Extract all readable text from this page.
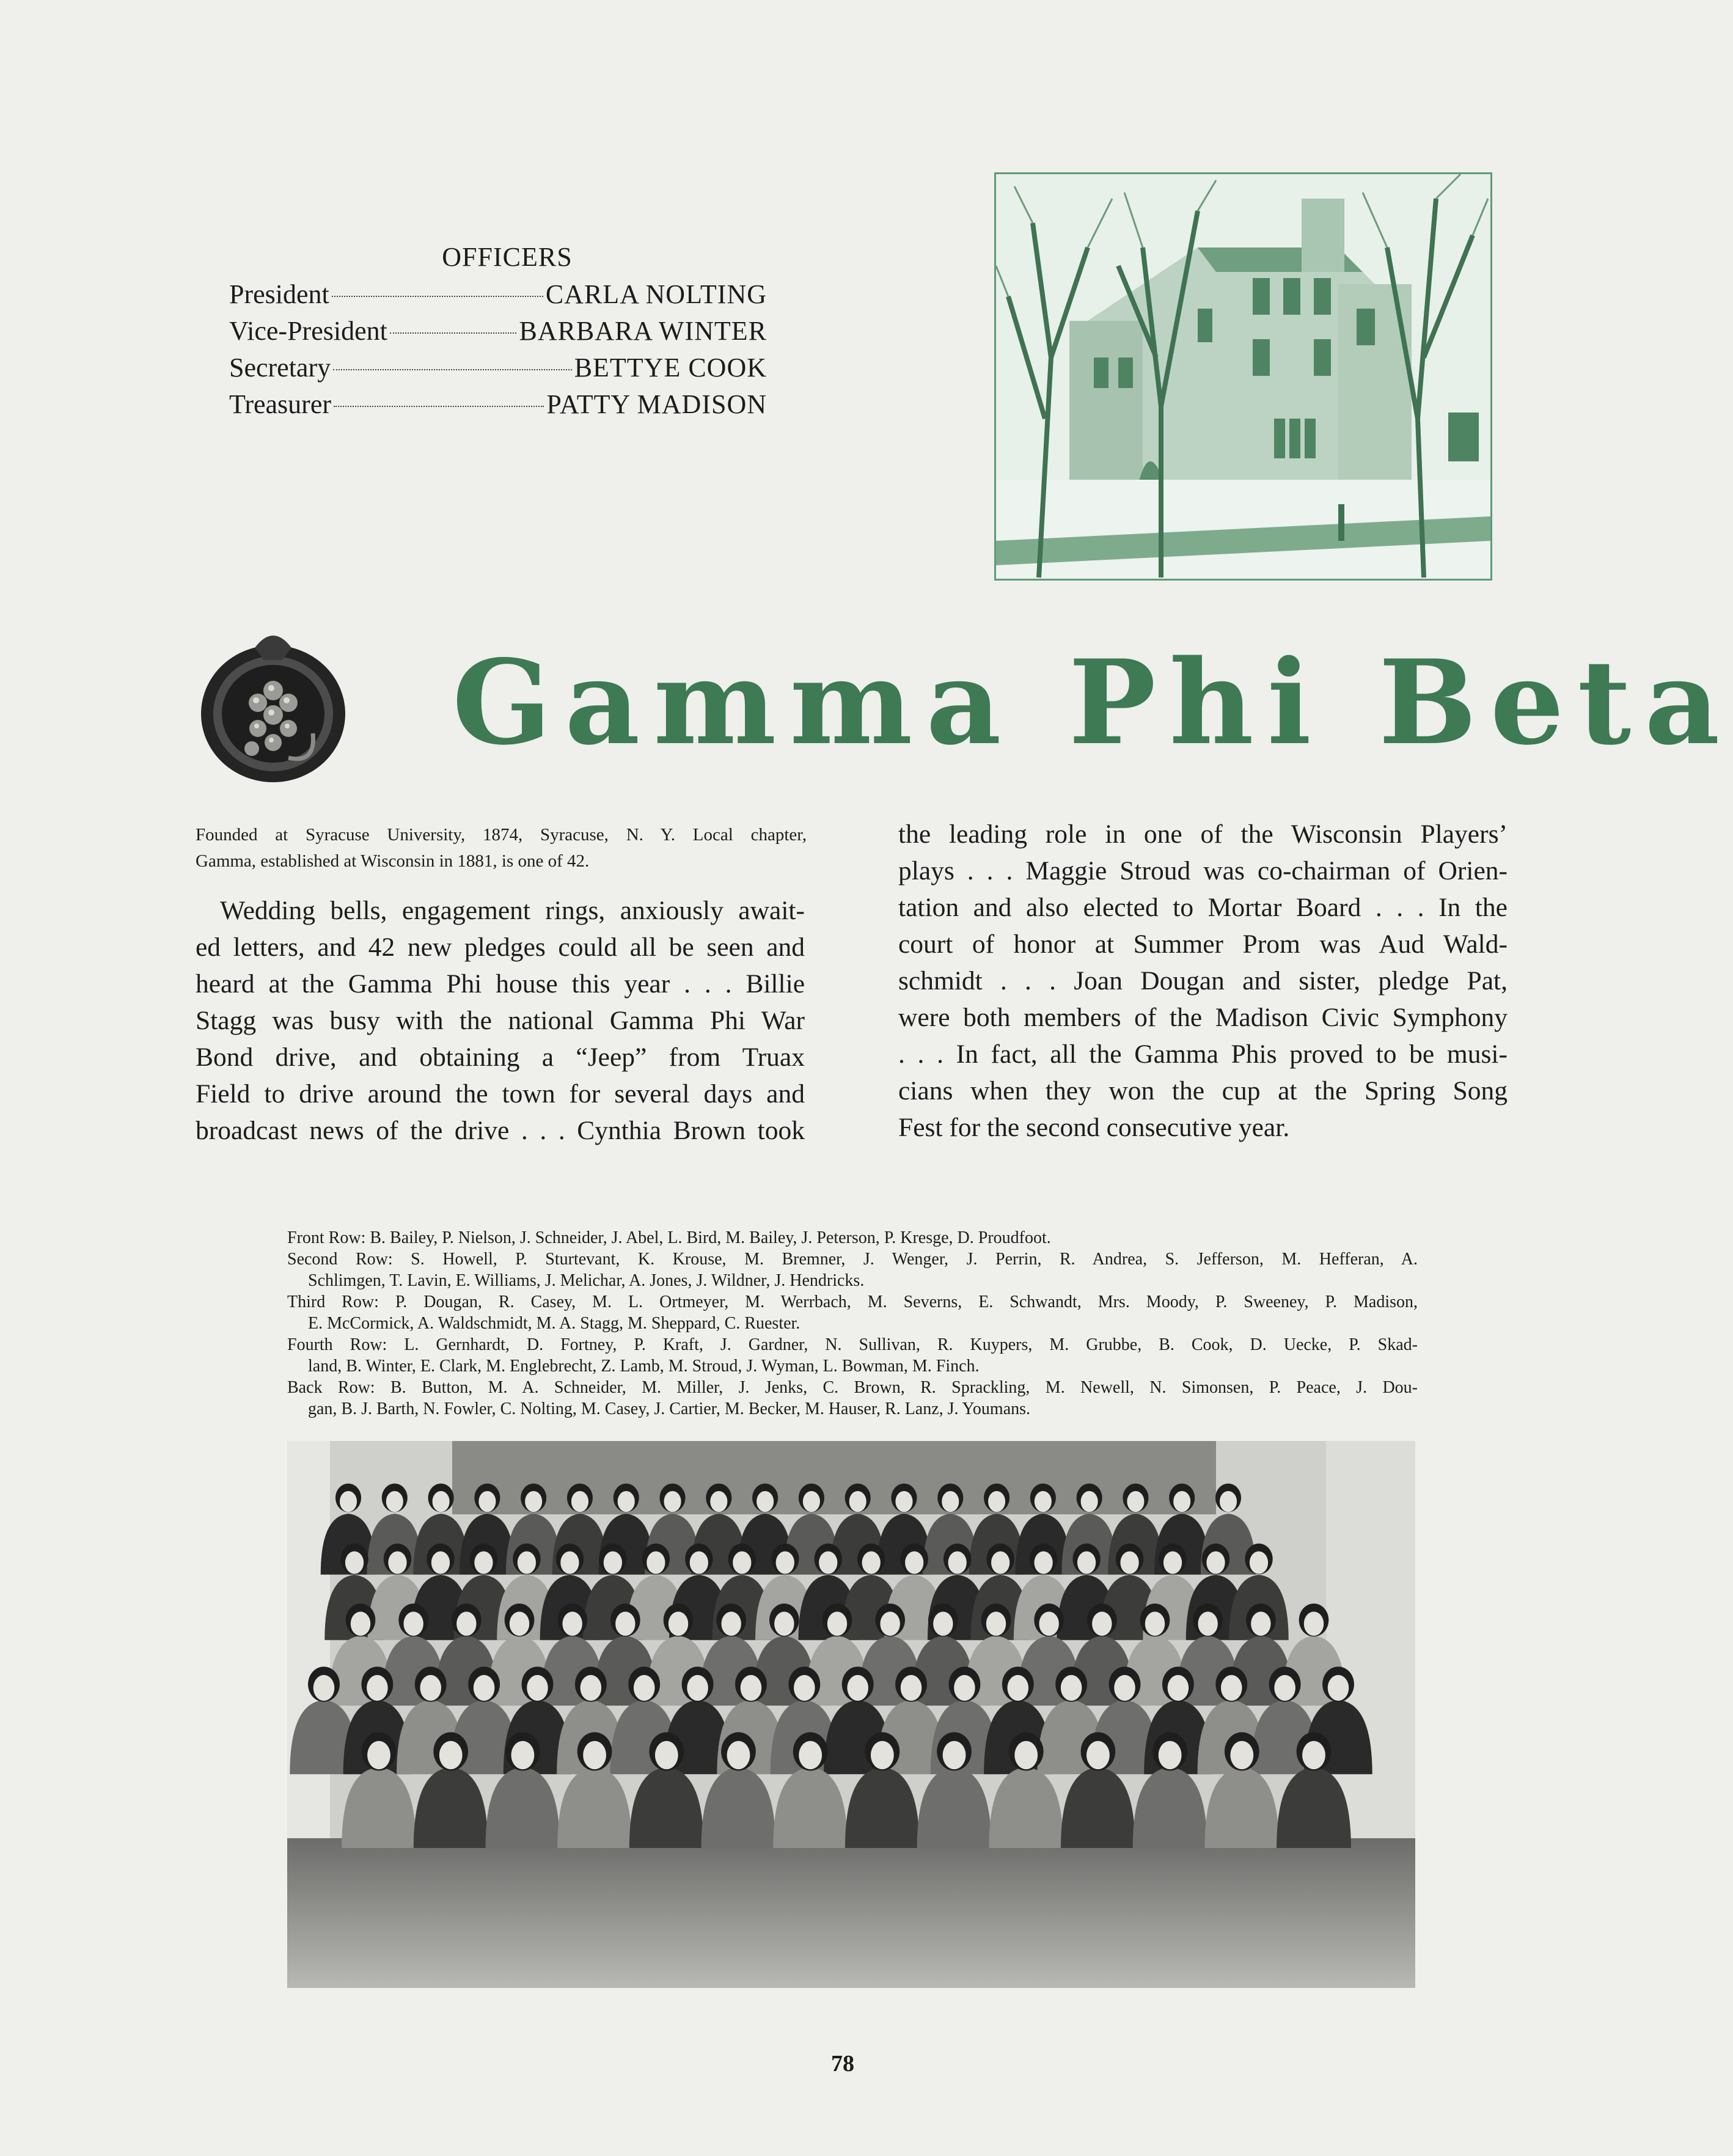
OFFICERS
President	CARLA NOLTING
Vice-President	BARBARA WINTER
Secretary	BETTYE COOK
Treasurer	PATTY MADISON
Gamma Phi Beta
Founded at Syracuse University, 1874, Syracuse, N. Y. Local chapter,
Gamma, established at Wisconsin in 1881, is one of 42.
Wedding bells, engagement rings, anxiously await-
ed letters, and 42 new pledges could all be seen and
heard at the Gamma Phi house this year . . . Billie
Stagg was busy with the national Gamma Phi War
Bond drive, and obtaining a “Jeep” from Truax
Field to drive around the town for several days and
broadcast news of the drive . . . Cynthia Brown took
the leading role in one of the Wisconsin Players’
plays . . . Maggie Stroud was co-chairman of Orien-
tation and also elected to Mortar Board . . . In the
court of honor at Summer Prom was Aud Wald-
schmidt . . . Joan Dougan and sister, pledge Pat,
were both members of the Madison Civic Symphony
. . . In fact, all the Gamma Phis proved to be musi-
cians when they won the cup at the Spring Song
Fest for the second consecutive year.

Front Row: B. Bailey, P. Nielson, J. Schneider, J. Abel, L. Bird, M. Bailey, J. Peterson, P. Kresge, D. Proudfoot.

Second Row: S. Howell, P. Sturtevant, K. Krouse, M. Bremner, J. Wenger, J. Perrin, R. Andrea, S. Jefferson, M. Hefferan, A.

Schlimgen, T. Lavin, E. Williams, J. Melichar, A. Jones, J. Wildner, J. Hendricks.

Third Row: P. Dougan, R. Casey, M. L. Ortmeyer, M. Werrbach, M. Severns, E. Schwandt, Mrs. Moody, P. Sweeney, P. Madison,

E. McCormick, A. Waldschmidt, M. A. Stagg, M. Sheppard, C. Ruester.

Fourth Row: L. Gernhardt, D. Fortney, P. Kraft, J. Gardner, N. Sullivan, R. Kuypers, M. Grubbe, B. Cook, D. Uecke, P. Skad-

land, B. Winter, E. Clark, M. Englebrecht, Z. Lamb, M. Stroud, J. Wyman, L. Bowman, M. Finch.

Back Row: B. Button, M. A. Schneider, M. Miller, J. Jenks, C. Brown, R. Sprackling, M. Newell, N. Simonsen, P. Peace, J. Dou-

gan, B. J. Barth, N. Fowler, C. Nolting, M. Casey, J. Cartier, M. Becker, M. Hauser, R. Lanz, J. Youmans.

78
